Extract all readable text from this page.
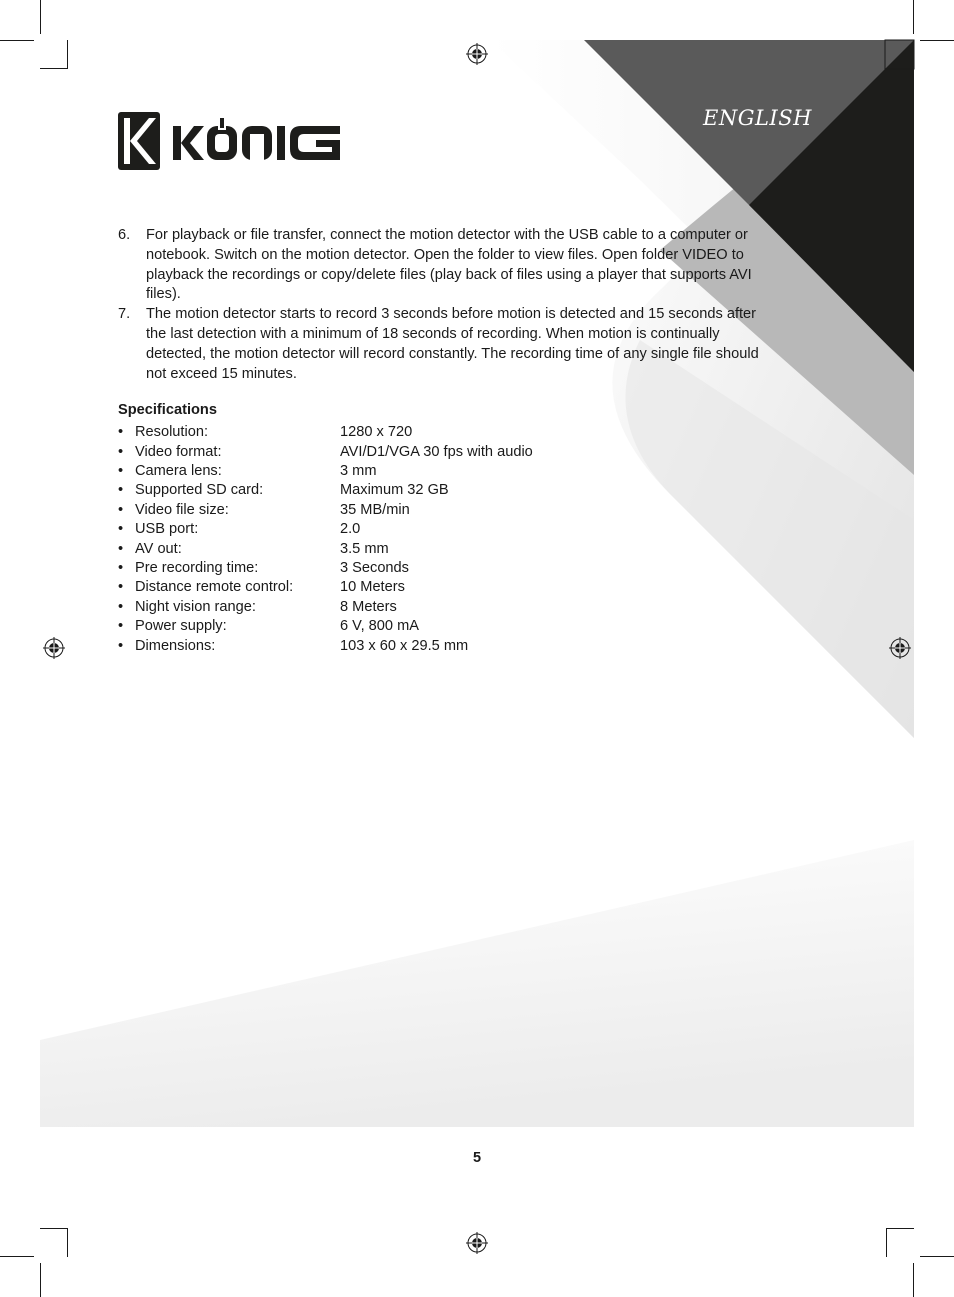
ENGLISH
6.	For playback or file transfer, connect the motion detector with the USB cable to a computer or notebook. Switch on the motion detector. Open the folder to view files. Open folder VIDEO to playback the recordings or copy/delete files (play back of files using a player that supports AVI files).
7.	The motion detector starts to record 3 seconds before motion is detected and 15 seconds after the last detection with a minimum of 18 seconds of recording. When motion is continually detected, the motion detector will record constantly. The recording time of any single file should not exceed 15 minutes.
Specifications
• Resolution:	1280 x 720
• Video format:	AVI/D1/VGA 30 fps with audio
• Camera lens:	3 mm
• Supported SD card:	Maximum 32 GB
• Video file size:	35 MB/min
• USB port:	2.0
• AV out:	3.5 mm
• Pre recording time:	3 Seconds
• Distance remote control:	10 Meters
• Night vision range:	8 Meters
• Power supply:	6 V, 800 mA
• Dimensions:	103 x 60 x 29.5 mm
5
